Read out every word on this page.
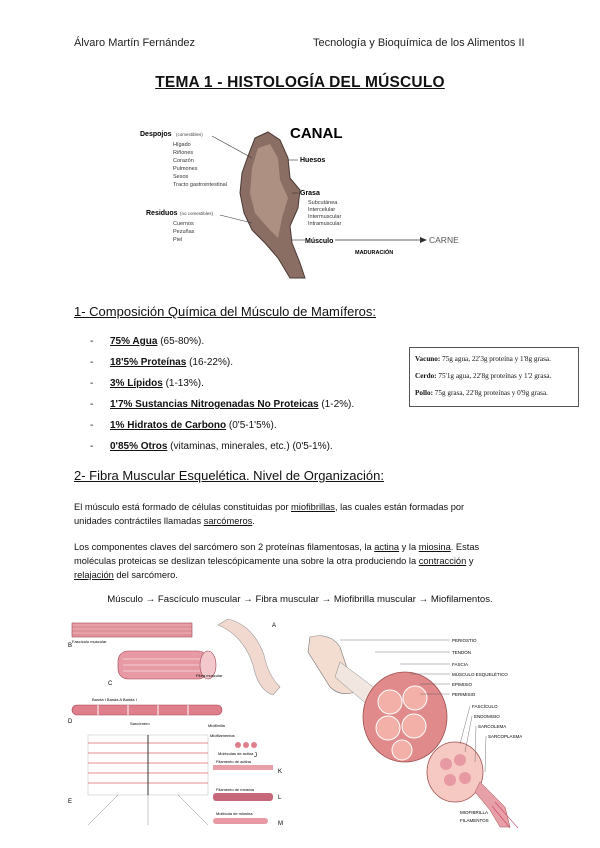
Álvaro Martín Fernández	Tecnología y Bioquímica de los Alimentos II
TEMA 1 - HISTOLOGÍA DEL MÚSCULO
CANAL
Despojos (comestibles)
Hígado
Riñones
Corazón
Pulmones
Sesos
Tracto gastrointestinal
Huesos
Grasa
Subcutánea
Intercelular
Intermuscular
Intramuscular
Residuos (no comestibles)
Cuernos
Pezuñas
Piel	Músculo
MADURACIÓN
CARNE
1- Composición Química del Músculo de Mamíferos:
- 75% Agua (65-80%).
- 18'5% Proteínas (16-22%).
- 3% Lípidos (1-13%).
- 1'7% Sustancias Nitrogenadas No Proteicas (1-2%).
- 1% Hidratos de Carbono (0'5-1'5%).
- 0'85% Otros (vitaminas, minerales, etc.) (0'5-1%).
Vacuno: 75g agua, 22'3g proteína y 1'8g grasa.
Cerdo: 75'1g agua, 22'8g proteínas y 1'2 grasa.
Pollo: 75g grasa, 22'8g proteínas y 0'9g grasa.
2- Fibra Muscular Esquelética. Nivel de Organización:
El músculo está formado de células constituidas por miofibrillas, las cuales están formadas por
unidades contráctiles llamadas sarcómeros.
Los componentes claves del sarcómero son 2 proteínas filamentosas, la actina y la miosina. Estas
moléculas proteicas se deslizan telescópicamente una sobre la otra produciendo la contracción y
relajación del sarcómero.
Músculo → Fascículo muscular → Fibra muscular → Miofibrilla muscular → Miofilamentos.
A
B
C
D
E
J
K
L
M
Fascículo muscular
Fibra muscular
Banda I Banda A Banda I
Miofibrilla
Sarcómero
Miofilamentos
Moléculas de actina
Filamento de actina
Filamento de miosina
Molécula de miosina
PERIOSTIO
TENDÓN
FASCIA
MÚSCULO ESQUELÉTICO
EPIMISIO
PERIMISIO
FASCÍCULO
ENDOMISIO
SARCOLEMA
SARCOPLASMA
MIOFIBRILLA
FILAMENTOS
